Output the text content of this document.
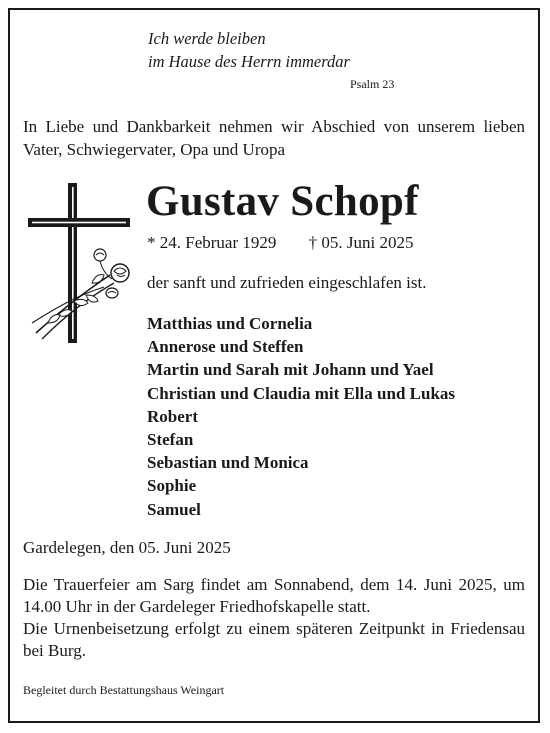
Ich werde bleiben
im Hause des Herrn immerdar
Psalm 23
In Liebe und Dankbarkeit nehmen wir Abschied von unserem lieben Vater, Schwiegervater, Opa und Uropa
Gustav Schopf
* 24. Februar 1929 † 05. Juni 2025
der sanft und zufrieden eingeschlafen ist.
Matthias und Cornelia
Annerose und Steffen
Martin und Sarah mit Johann und Yael
Christian und Claudia mit Ella und Lukas
Robert
Stefan
Sebastian und Monica
Sophie
Samuel
Gardelegen, den 05. Juni 2025
Die Trauerfeier am Sarg findet am Sonnabend, dem 14. Juni 2025, um 14.00 Uhr in der Gardeleger Friedhofskapelle statt.
Die Urnenbeisetzung erfolgt zu einem späteren Zeitpunkt in Friedensau bei Burg.
Begleitet durch Bestattungshaus Weingart
